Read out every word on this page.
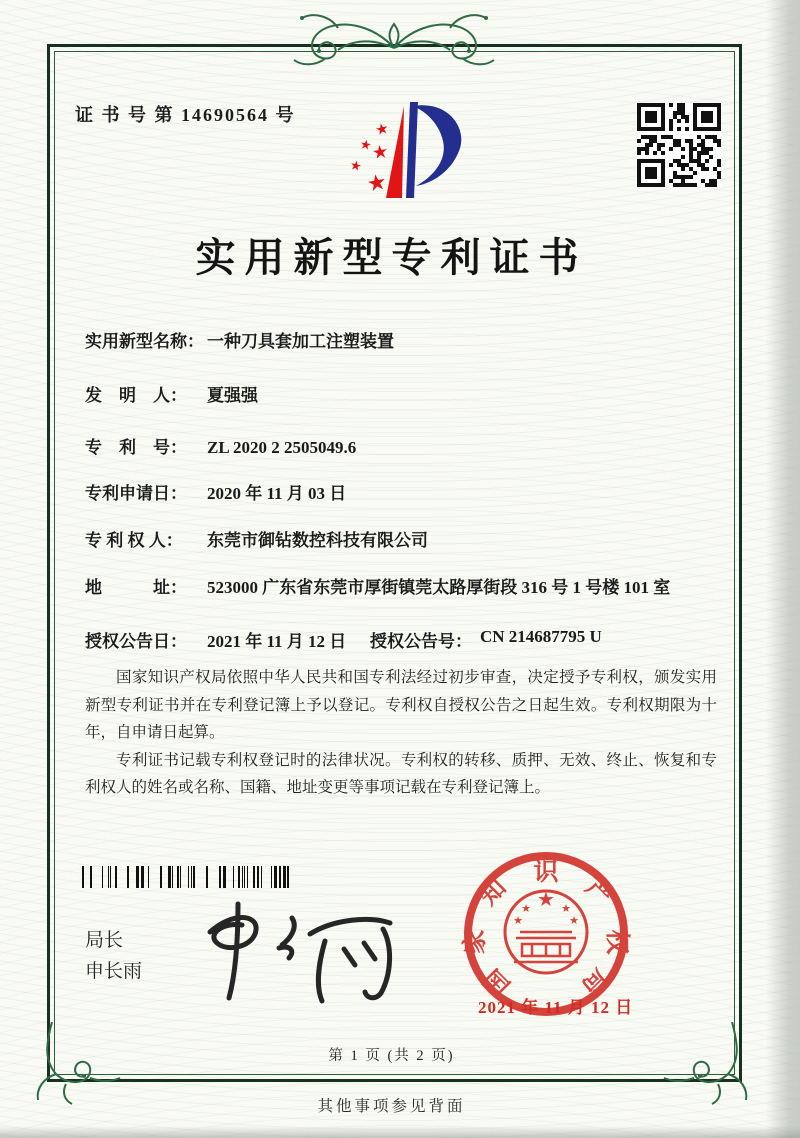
证 书 号 第 14690564 号
★
★
★
★
★
实用新型专利证书
实用新型名称： 一种刀具套加工注塑装置
发　明　人：	夏强强
专　利　号：	ZL 2020 2 2505049.6
专利申请日：	2020 年 11 月 03 日
专 利 权 人：	东莞市御钻数控科技有限公司
地　　　址：	523000 广东省东莞市厚街镇莞太路厚街段 316 号 1 号楼 101 室
授权公告日：	2021 年 11 月 12 日	授权公告号： CN 214687795 U

国家知识产权局依照中华人民共和国专利法经过初步审查，决定授予专利权，颁发实用新型专利证书并在专利登记簿上予以登记。专利权自授权公告之日起生效。专利权期限为十年，自申请日起算。

专利证书记载专利权登记时的法律状况。专利权的转移、质押、无效、终止、恢复和专利权人的姓名或名称、国籍、地址变更等事项记载在专利登记簿上。

局长
申长雨
★
★	★
★	★
国
家
知
识
产
权
局
2021 年 11 月 12 日
第 1 页 (共 2 页)
其他事项参见背面
